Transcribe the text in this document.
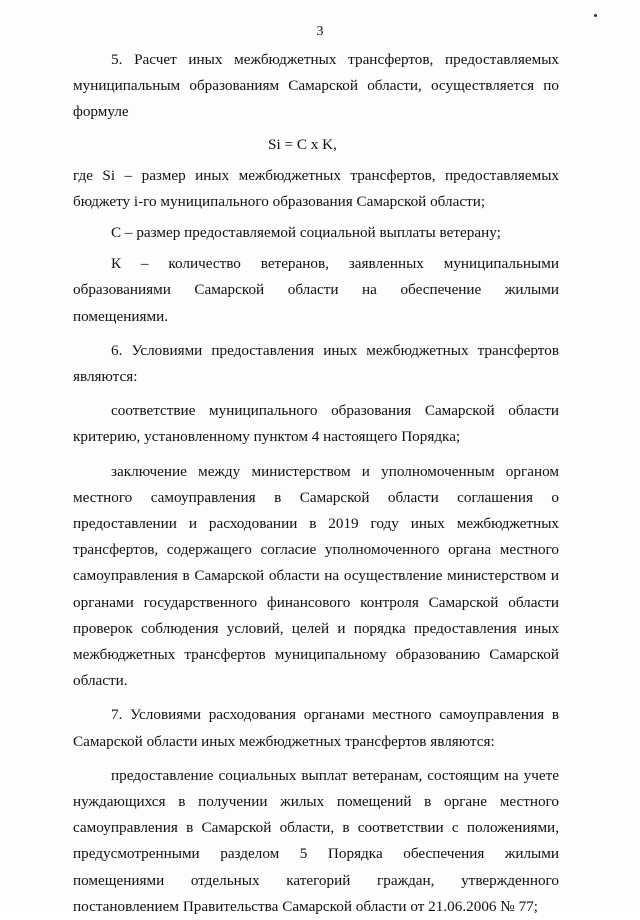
3

5. Расчет иных межбюджетных трансфертов, предоставляемых муниципальным образованиям Самарской области, осуществляется по формуле

Si = C x K,

где Si – размер иных межбюджетных трансфертов, предоставляемых бюджету i-го муниципального образования Самарской области;

С – размер предоставляемой социальной выплаты ветерану;

К – количество ветеранов, заявленных муниципальными

образованиями Самарской области на обеспечение жилыми помещениями.

6. Условиями предоставления иных межбюджетных трансфертов являются:

соответствие муниципального образования Самарской области критерию, установленному пунктом 4 настоящего Порядка;

заключение между министерством и уполномоченным органом местного самоуправления в Самарской области соглашения о предоставлении и расходовании в 2019 году иных межбюджетных трансфертов, содержащего согласие уполномоченного органа местного самоуправления в Самарской области на осуществление министерством и органами государственного финансового контроля Самарской области проверок соблюдения условий, целей и порядка предоставления иных межбюджетных трансфертов муниципальному образованию Самарской области.

7. Условиями расходования органами местного самоуправления в Самарской области иных межбюджетных трансфертов являются:

предоставление социальных выплат ветеранам, состоящим на учете нуждающихся в получении жилых помещений в органе местного самоуправления в Самарской области, в соответствии с положениями, предусмотренными разделом 5 Порядка обеспечения жилыми помещениями отдельных категорий граждан, утвержденного постановлением Правительства Самарской области от 21.06.2006 № 77;
